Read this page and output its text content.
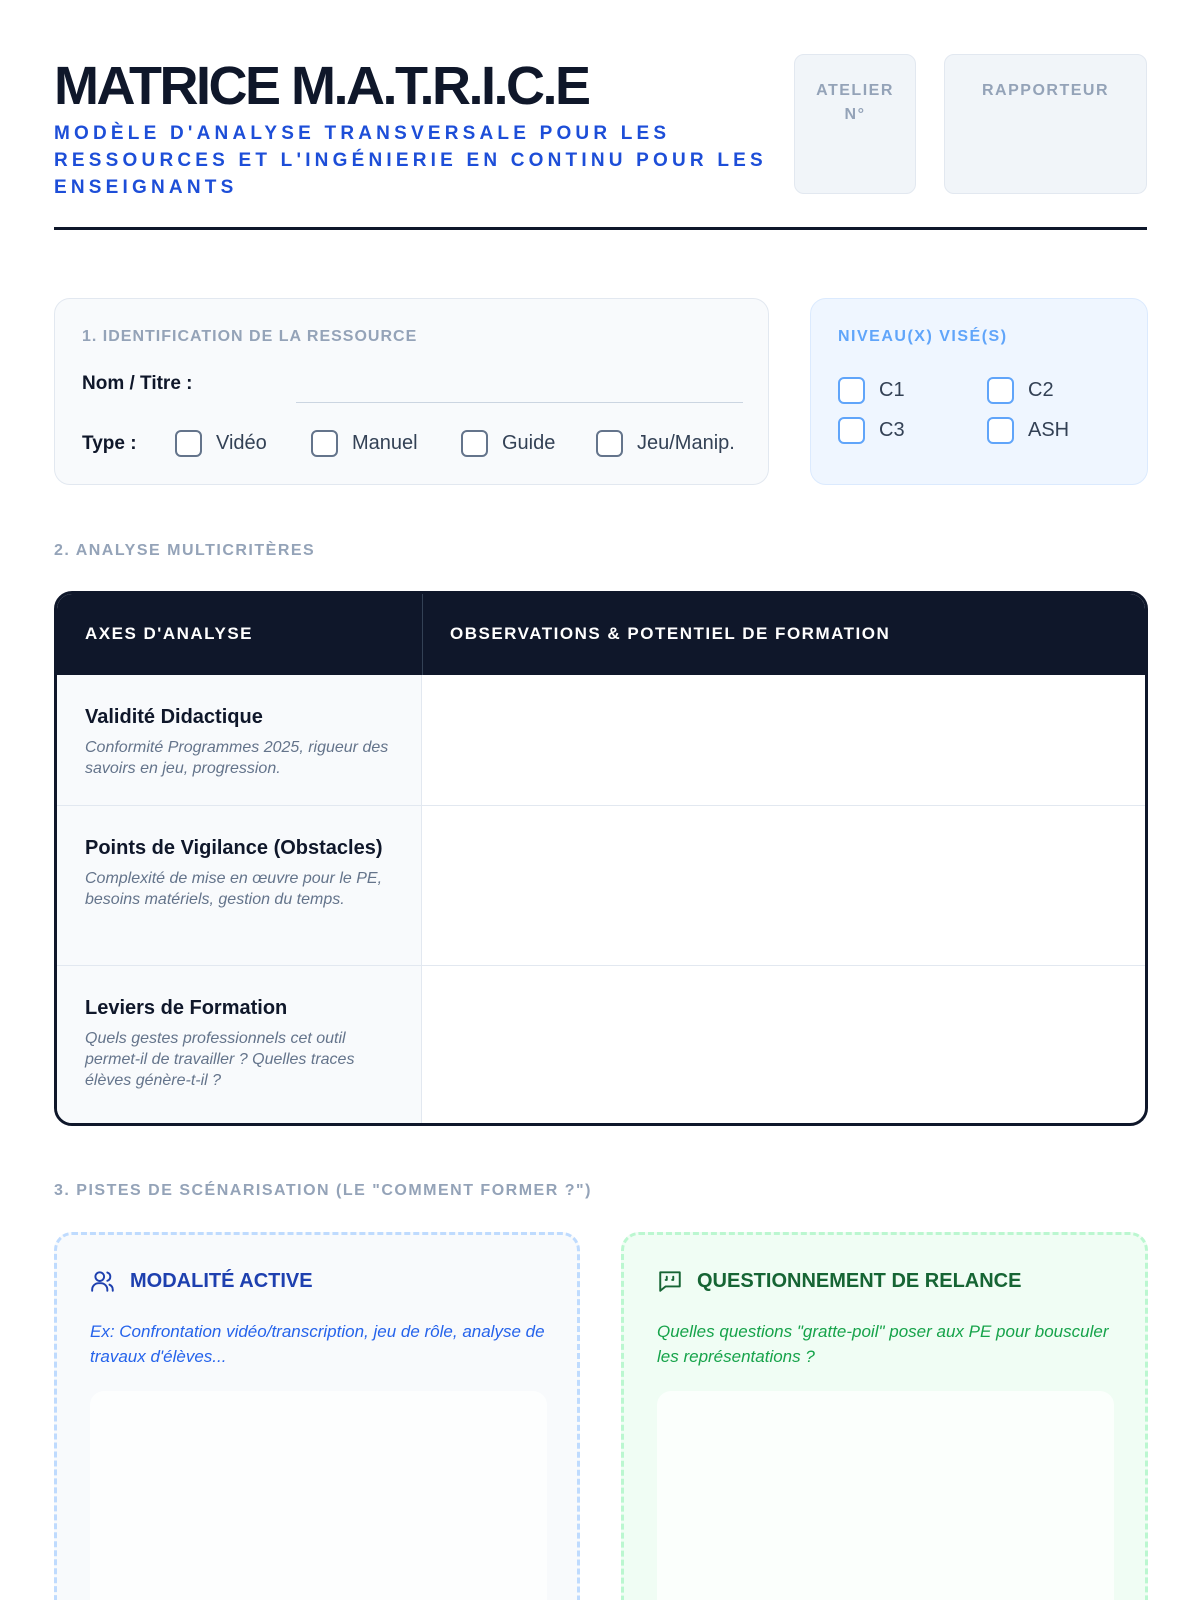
MATRICE M.A.T.R.I.C.E
MODÈLE D'ANALYSE TRANSVERSALE POUR LES RESSOURCES ET L'INGÉNIERIE EN CONTINU POUR LES ENSEIGNANTS
ATELIER N°
RAPPORTEUR
1. IDENTIFICATION DE LA RESSOURCE
Nom / Titre :
Type :	Vidéo	Manuel	Guide	Jeu/Manip.
NIVEAU(X) VISÉ(S)
C1	C2
C3	ASH
2. ANALYSE MULTICRITÈRES
AXES D'ANALYSE	OBSERVATIONS & POTENTIEL DE FORMATION
Validité Didactique
Conformité Programmes 2025, rigueur des savoirs en jeu, progression.
Points de Vigilance (Obstacles)
Complexité de mise en œuvre pour le PE, besoins matériels, gestion du temps.
Leviers de Formation
Quels gestes professionnels cet outil permet-il de travailler ? Quelles traces élèves génère-t-il ?
3. PISTES DE SCÉNARISATION (LE "COMMENT FORMER ?")
MODALITÉ ACTIVE
Ex: Confrontation vidéo/transcription, jeu de rôle, analyse de travaux d'élèves...
QUESTIONNEMENT DE RELANCE
Quelles questions "gratte-poil" poser aux PE pour bousculer les représentations ?
